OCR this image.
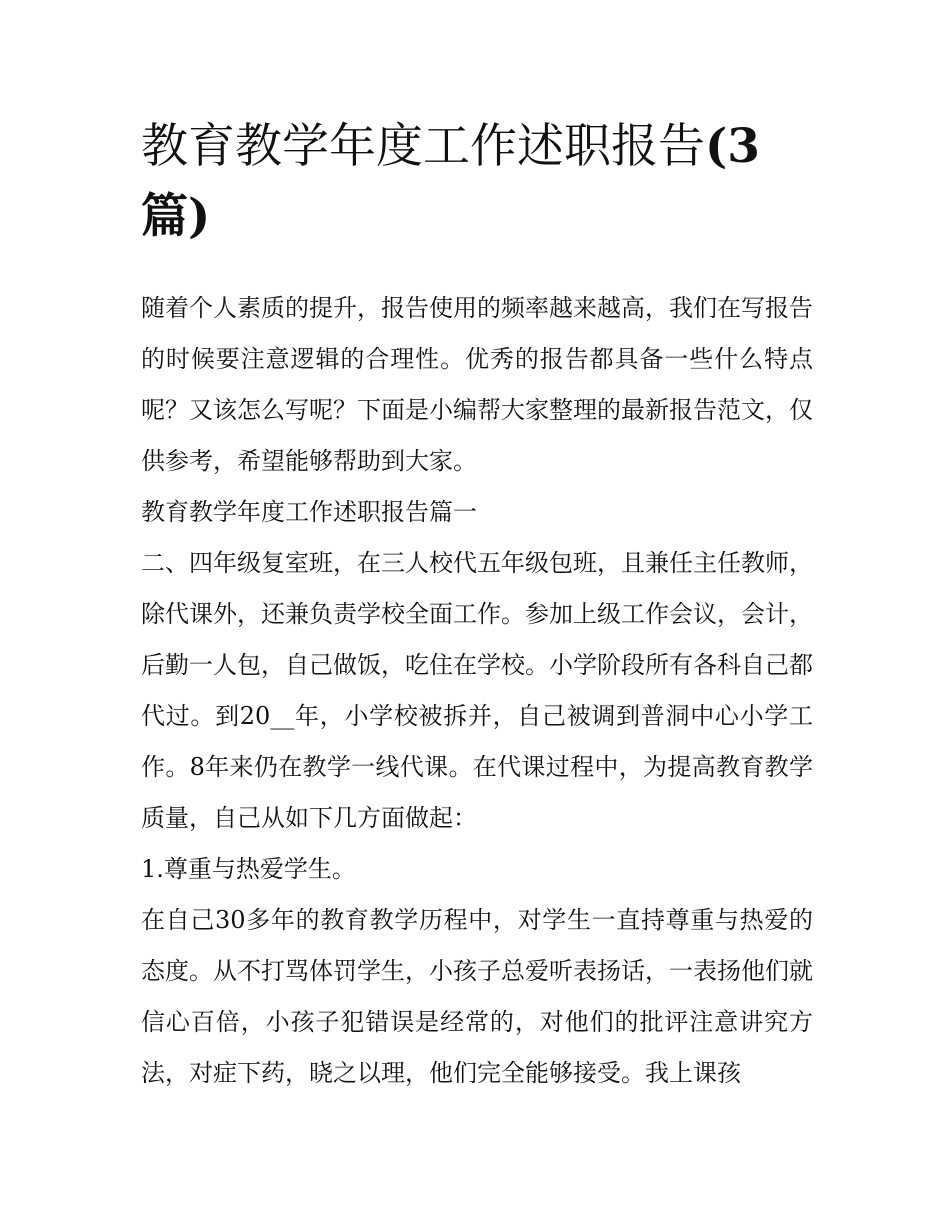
教育教学年度工作述职报告(3篇)

随着个人素质的提升，报告使用的频率越来越高，我们在写报告的时候要注意逻辑的合理性。优秀的报告都具备一些什么特点呢？又该怎么写呢？下面是小编帮大家整理的最新报告范文，仅供参考，希望能够帮助到大家。

教育教学年度工作述职报告篇一

二、四年级复室班，在三人校代五年级包班，且兼任主任教师，除代课外，还兼负责学校全面工作。参加上级工作会议，会计，后勤一人包，自己做饭，吃住在学校。小学阶段所有各科自己都代过。到20__年，小学校被拆并，自己被调到普洞中心小学工作。8年来仍在教学一线代课。在代课过程中，为提高教育教学质量，自己从如下几方面做起：

1.尊重与热爱学生。

在自己30多年的教育教学历程中，对学生一直持尊重与热爱的态度。从不打骂体罚学生，小孩子总爱听表扬话，一表扬他们就信心百倍，小孩子犯错误是经常的，对他们的批评注意讲究方法，对症下药，晓之以理，他们完全能够接受。我上课孩
